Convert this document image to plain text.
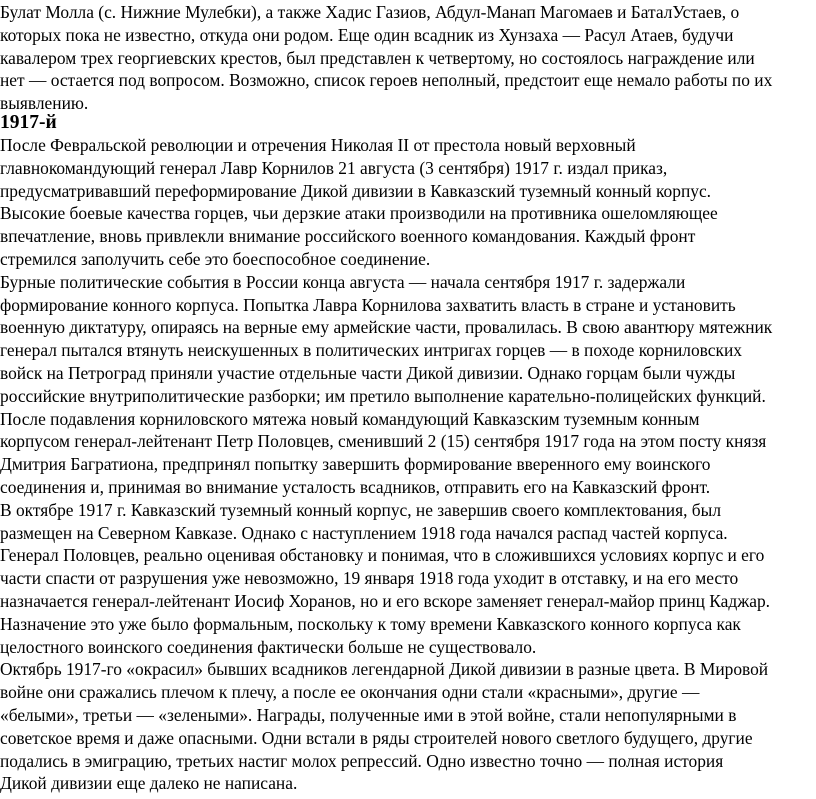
Булат Молла (с. Нижние Мулебки), а также Хадис Газиов, Абдул-Манап Магомаев и БаталУстаев, о
которых пока не известно, откуда они родом. Еще один всадник из Хунзаха — Расул Атаев, будучи
кавалером трех георгиевских крестов, был представлен к четвертому, но состоялось награждение или
нет — остается под вопросом. Возможно, список героев неполный, предстоит еще немало работы по их
выявлению.
1917-й
После Февральской революции и отречения Николая II от престола новый верховный
главнокомандующий генерал Лавр Корнилов 21 августа (3 сентября) 1917 г. издал приказ,
предусматривавший переформирование Дикой дивизии в Кавказский туземный конный корпус.
Высокие боевые качества горцев, чьи дерзкие атаки производили на противника ошеломляющее
впечатление, вновь привлекли внимание российского военного командования. Каждый фронт
стремился заполучить себе это боеспособное соединение.
Бурные политические события в России конца августа — начала сентября 1917 г. задержали
формирование конного корпуса. Попытка Лавра Корнилова захватить власть в стране и установить
военную диктатуру, опираясь на верные ему армейские части, провалилась. В свою авантюру мятежник
генерал пытался втянуть неискушенных в политических интригах горцев — в походе корниловских
войск на Петроград приняли участие отдельные части Дикой дивизии. Однако горцам были чужды
российские внутриполитические разборки; им претило выполнение карательно-полицейских функций.
После подавления корниловского мятежа новый командующий Кавказским туземным конным
корпусом генерал-лейтенант Петр Половцев, сменивший 2 (15) сентября 1917 года на этом посту князя
Дмитрия Багратиона, предпринял попытку завершить формирование вверенного ему воинского
соединения и, принимая во внимание усталость всадников, отправить его на Кавказский фронт.
В октябре 1917 г. Кавказский туземный конный корпус, не завершив своего комплектования, был
размещен на Северном Кавказе. Однако с наступлением 1918 года начался распад частей корпуса.
Генерал Половцев, реально оценивая обстановку и понимая, что в сложившихся условиях корпус и его
части спасти от разрушения уже невозможно, 19 января 1918 года уходит в отставку, и на его место
назначается генерал-лейтенант Иосиф Хоранов, но и его вскоре заменяет генерал-майор принц Каджар.
Назначение это уже было формальным, поскольку к тому времени Кавказского конного корпуса как
целостного воинского соединения фактически больше не существовало.
Октябрь 1917-го «окрасил» бывших всадников легендарной Дикой дивизии в разные цвета. В Мировой
войне они сражались плечом к плечу, а после ее окончания одни стали «красными», другие —
«белыми», третьи — «зелеными». Награды, полученные ими в этой войне, стали непопулярными в
советское время и даже опасными. Одни встали в ряды строителей нового светлого будущего, другие
подались в эмиграцию, третьих настиг молох репрессий. Одно известно точно — полная история
Дикой дивизии еще далеко не написана.
